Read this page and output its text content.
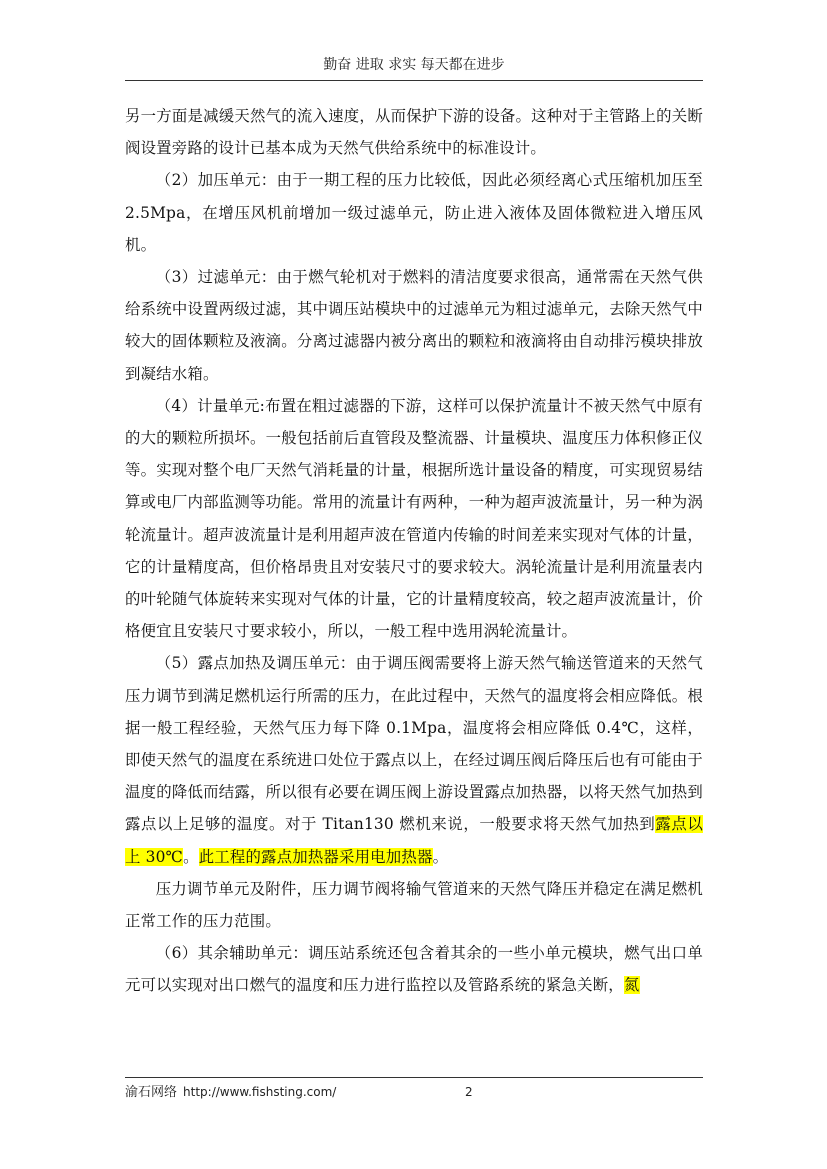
勤奋 进取 求实 每天都在进步

另一方面是减缓天然气的流入速度，从而保护下游的设备。这种对于主管路上的关断阀设置旁路的设计已基本成为天然气供给系统中的标准设计。

（2）加压单元：由于一期工程的压力比较低，因此必须经离心式压缩机加压至 2.5Mpa，在增压风机前增加一级过滤单元，防止进入液体及固体微粒进入增压风机。

（3）过滤单元：由于燃气轮机对于燃料的清洁度要求很高，通常需在天然气供给系统中设置两级过滤，其中调压站模块中的过滤单元为粗过滤单元，去除天然气中较大的固体颗粒及液滴。分离过滤器内被分离出的颗粒和液滴将由自动排污模块排放到凝结水箱。

（4）计量单元:布置在粗过滤器的下游，这样可以保护流量计不被天然气中原有的大的颗粒所损坏。一般包括前后直管段及整流器、计量模块、温度压力体积修正仪等。实现对整个电厂天然气消耗量的计量，根据所选计量设备的精度，可实现贸易结算或电厂内部监测等功能。常用的流量计有两种，一种为超声波流量计，另一种为涡轮流量计。超声波流量计是利用超声波在管道内传输的时间差来实现对气体的计量，它的计量精度高，但价格昂贵且对安装尺寸的要求较大。涡轮流量计是利用流量表内的叶轮随气体旋转来实现对气体的计量，它的计量精度较高，较之超声波流量计，价格便宜且安装尺寸要求较小，所以，一般工程中选用涡轮流量计。

（5）露点加热及调压单元：由于调压阀需要将上游天然气输送管道来的天然气压力调节到满足燃机运行所需的压力，在此过程中，天然气的温度将会相应降低。根据一般工程经验，天然气压力每下降 0.1Mpa，温度将会相应降低 0.4℃，这样，即使天然气的温度在系统进口处位于露点以上，在经过调压阀后降压后也有可能由于温度的降低而结露，所以很有必要在调压阀上游设置露点加热器，以将天然气加热到露点以上足够的温度。对于 Titan130 燃机来说，一般要求将天然气加热到露点以上 30℃。此工程的露点加热器采用电加热器。

压力调节单元及附件，压力调节阀将输气管道来的天然气降压并稳定在满足燃机正常工作的压力范围。

（6）其余辅助单元：调压站系统还包含着其余的一些小单元模块，燃气出口单元可以实现对出口燃气的温度和压力进行监控以及管路系统的紧急关断，氮

渝石网络 http://www.fishsting.com/	2
